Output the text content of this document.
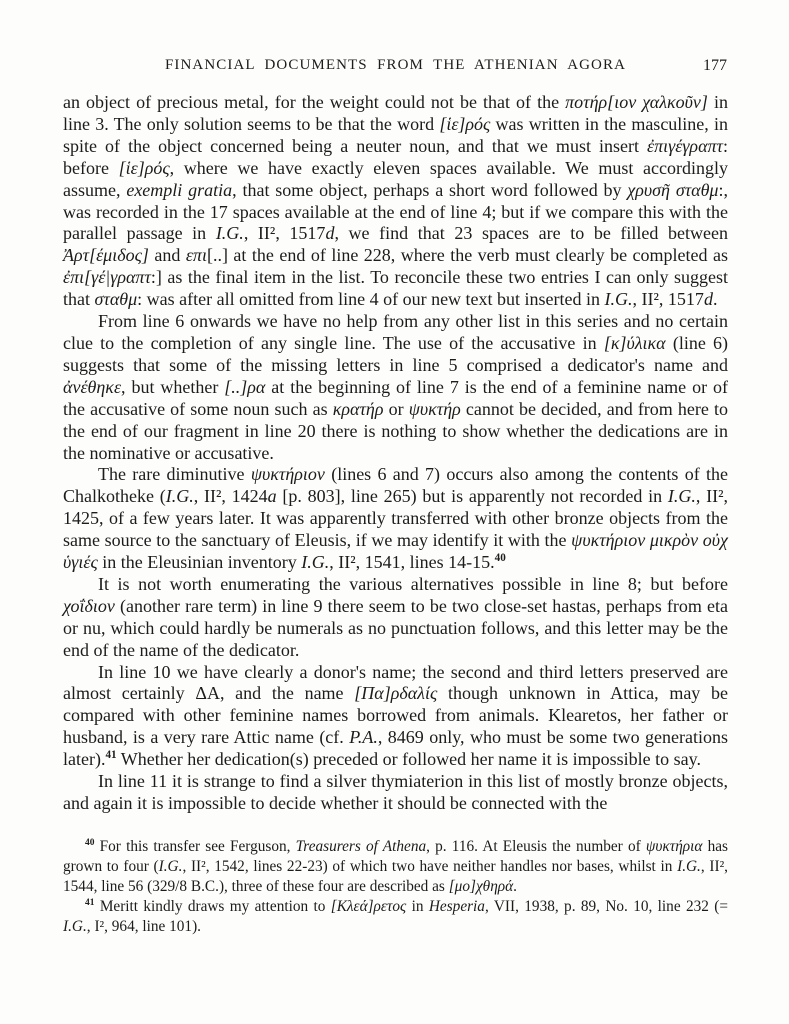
FINANCIAL DOCUMENTS FROM THE ATHENIAN AGORA	177

an object of precious metal, for the weight could not be that of the ποτήρ[ιον χαλκοῦν] in line 3. The only solution seems to be that the word [ἱε]ρός was written in the masculine, in spite of the object concerned being a neuter noun, and that we must insert ἐπιγέγραπτ: before [ἱε]ρός, where we have exactly eleven spaces available. We must accordingly assume, exempli gratia, that some object, perhaps a short word followed by χρυσῆ σταθμ:, was recorded in the 17 spaces available at the end of line 4; but if we compare this with the parallel passage in I.G., II², 1517d, we find that 23 spaces are to be filled between Ἀρτ[έμιδος] and επι[..] at the end of line 228, where the verb must clearly be completed as ἐπι[γέ|γραπτ:] as the final item in the list. To reconcile these two entries I can only suggest that σταθμ: was after all omitted from line 4 of our new text but inserted in I.G., II², 1517d.

From line 6 onwards we have no help from any other list in this series and no certain clue to the completion of any single line. The use of the accusative in [κ]ύλικα (line 6) suggests that some of the missing letters in line 5 comprised a dedicator's name and ἀνέθηκε, but whether [..]ρα at the beginning of line 7 is the end of a feminine name or of the accusative of some noun such as κρατήρ or ψυκτήρ cannot be decided, and from here to the end of our fragment in line 20 there is nothing to show whether the dedications are in the nominative or accusative.

The rare diminutive ψυκτήριον (lines 6 and 7) occurs also among the contents of the Chalkotheke (I.G., II², 1424a [p. 803], line 265) but is apparently not recorded in I.G., II², 1425, of a few years later. It was apparently transferred with other bronze objects from the same source to the sanctuary of Eleusis, if we may identify it with the ψυκτήριον μικρὸν οὐχ ὑγιές in the Eleusinian inventory I.G., II², 1541, lines 14-15.40

It is not worth enumerating the various alternatives possible in line 8; but before χοΐδιον (another rare term) in line 9 there seem to be two close-set hastas, perhaps from eta or nu, which could hardly be numerals as no punctuation follows, and this letter may be the end of the name of the dedicator.

In line 10 we have clearly a donor's name; the second and third letters preserved are almost certainly ΔΑ, and the name [Πα]ρδαλίς though unknown in Attica, may be compared with other feminine names borrowed from animals. Klearetos, her father or husband, is a very rare Attic name (cf. P.A., 8469 only, who must be some two generations later).$^{41}$ Whether her dedication(s) preceded or followed her name it is impossible to say.

In line 11 it is strange to find a silver thymiaterion in this list of mostly bronze objects, and again it is impossible to decide whether it should be connected with the

$^{40}$ For this transfer see Ferguson, Treasurers of Athena, p. 116. At Eleusis the number of ψυκτήρια has grown to four (I.G., II², 1542, lines 22-23) of which two have neither handles nor bases, whilst in I.G., II², 1544, line 56 (329/8 B.C.), three of these four are described as [μο]χθηρά.

$^{41}$ Meritt kindly draws my attention to [Κλεά]ρετος in Hesperia, VII, 1938, p. 89, No. 10, line 232 (= I.G., I², 964, line 101).
